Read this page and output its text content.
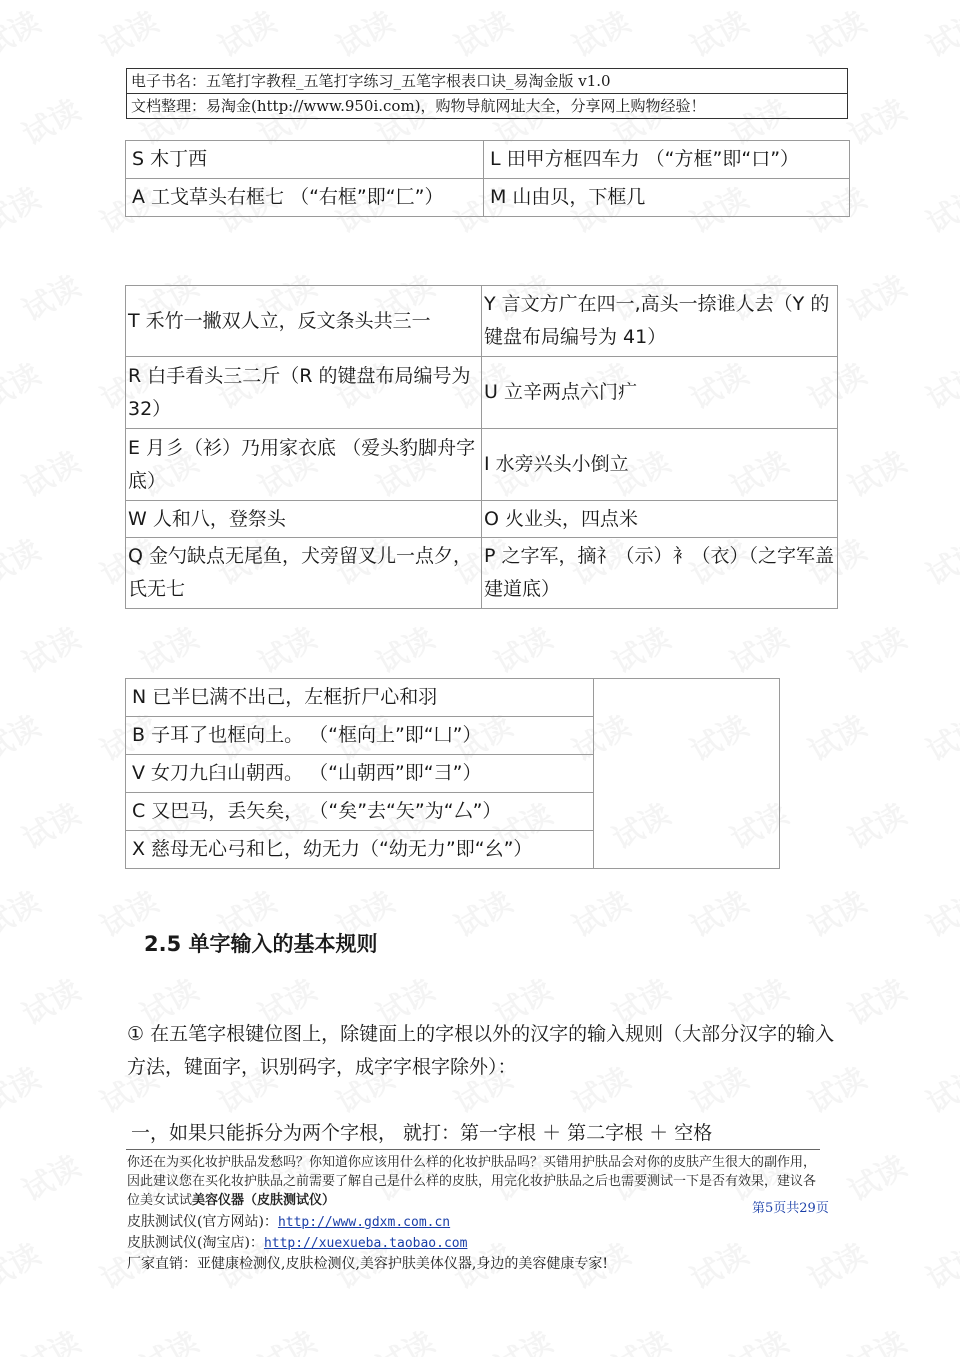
电子书名：五笔打字教程_五笔打字练习_五笔字根表口诀_易淘金版 v1.0
文档整理：易淘金(http://www.950i.com)，购物导航网址大全，分享网上购物经验！
S 木丁西	L 田甲方框四车力 （“方框”即“口”）
A 工戈草头右框七 （“右框”即“匚”）	M 山由贝，下框几
T 禾竹一撇双人立，反文条头共三一	Y 言文方广在四一,高头一捺谁人去（Y 的键盘布局编号为 41）
R 白手看头三二斤（R 的键盘布局编号为 32）	U 立辛两点六门疒
E 月彡（衫）乃用家衣底 （爱头豹脚舟字底）	I 水旁兴头小倒立
W 人和八，登祭头	O 火业头，四点米
Q 金勺缺点无尾鱼，犬旁留叉儿一点夕，氏无七	P 之字军，摘礻（示）衤（衣）（之字军盖建道底）
N 已半巳满不出己，左框折尸心和羽	
B 子耳了也框向上。 （“框向上”即“凵”）
V 女刀九臼山朝西。 （“山朝西”即“彐”）
C 又巴马，丢矢矣， （“矣”去“矢”为“厶”）
X 慈母无心弓和匕，幼无力（“幼无力”即“幺”）
2.5 单字输入的基本规则
① 在五笔字根键位图上，除键面上的字根以外的汉字的输入规则（大部分汉字的输入方法，键面字，识别码字，成字字根字除外）：
一，如果只能拆分为两个字根， 就打：第一字根 ＋ 第二字根 ＋ 空格
你还在为买化妆护肤品发愁吗？你知道你应该用什么样的化妆护肤品吗？买错用护肤品会对你的皮肤产生很大的副作用，因此建议您在买化妆护肤品之前需要了解自己是什么样的皮肤，用完化妆护肤品之后也需要测试一下是否有效果，建议各位美女试试美容仪器（皮肤测试仪）
第5页共29页
皮肤测试仪(官方网站)：http://www.gdxm.com.cn
皮肤测试仪(淘宝店)：http://xuexueba.taobao.com
厂家直销：亚健康检测仪,皮肤检测仪,美容护肤美体仪器,身边的美容健康专家!
